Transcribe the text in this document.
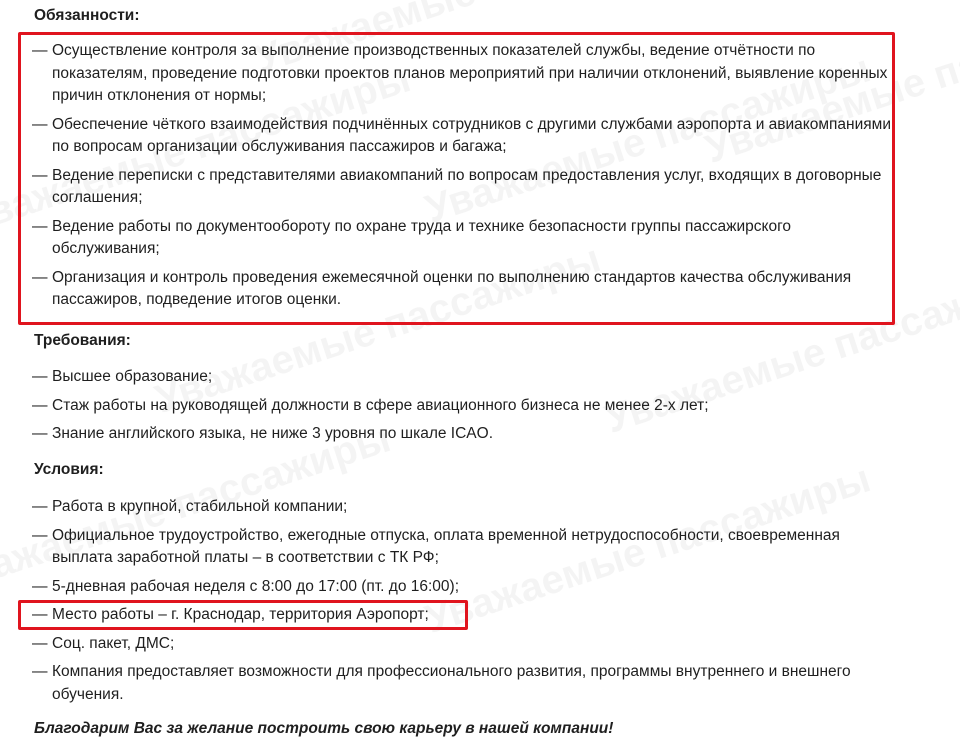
Обязанности:
— Осуществление контроля за выполнение производственных показателей службы, ведение отчётности по показателям, проведение подготовки проектов планов мероприятий при наличии отклонений, выявление коренных причин отклонения от нормы;
— Обеспечение чёткого взаимодействия подчинённых сотрудников с другими службами аэропорта и авиакомпаниями по вопросам организации обслуживания пассажиров и багажа;
— Ведение переписки с представителями авиакомпаний по вопросам предоставления услуг, входящих в договорные соглашения;
— Ведение работы по документообороту по охране труда и технике безопасности группы пассажирского обслуживания;
— Организация и контроль проведения ежемесячной оценки по выполнению стандартов качества обслуживания пассажиров, подведение итогов оценки.
Требования:
— Высшее образование;
— Стаж работы на руководящей должности в сфере авиационного бизнеса не менее 2-х лет;
— Знание английского языка, не ниже 3 уровня по шкале ICAO.
Условия:
— Работа в крупной, стабильной компании;
— Официальное трудоустройство, ежегодные отпуска, оплата временной нетрудоспособности, своевременная выплата заработной платы – в соответствии с ТК РФ;
— 5-дневная рабочая неделя с 8:00 до 17:00 (пт. до 16:00);
— Место работы – г. Краснодар, территория Аэропорт;
— Соц. пакет, ДМС;
— Компания предоставляет возможности для профессионального развития, программы внутреннего и внешнего обучения.
Благодарим Вас за желание построить свою карьеру в нашей компании!
